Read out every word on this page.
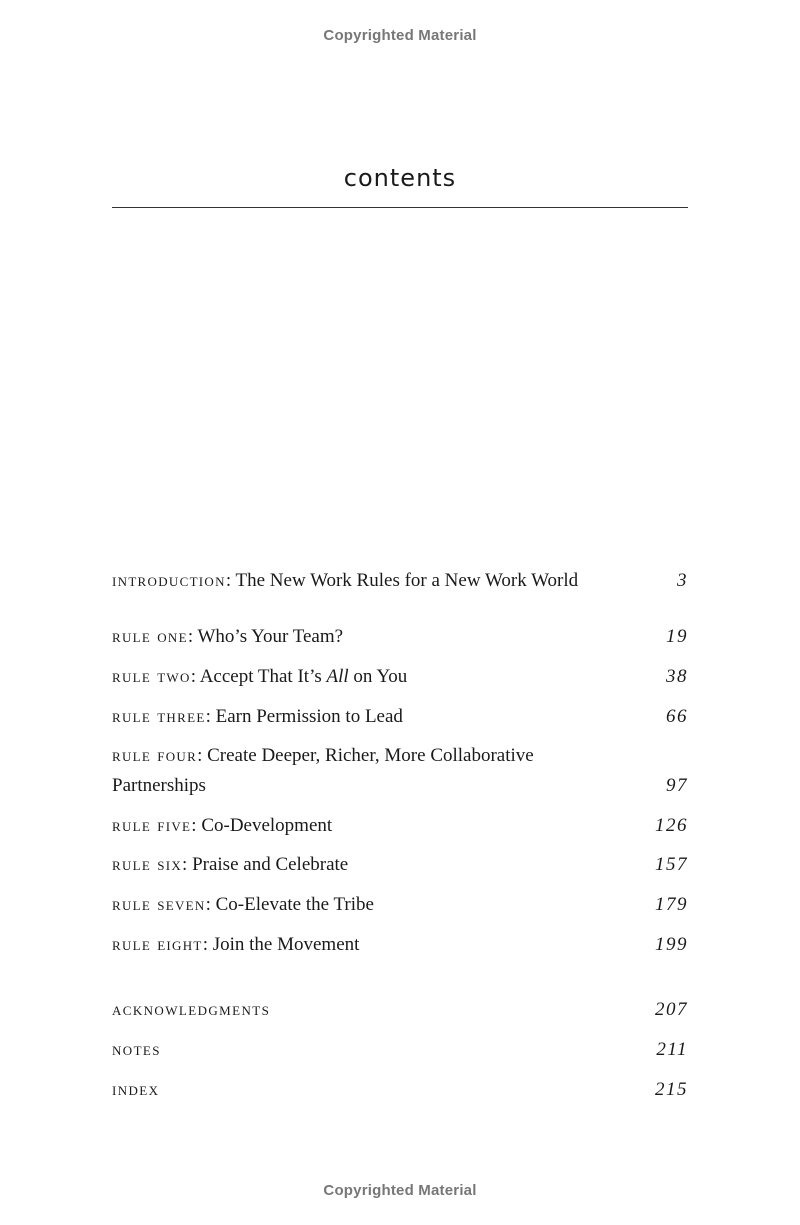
Copyrighted Material
contents
introduction: The New Work Rules for a New Work World	3
rule one: Who’s Your Team?	19
rule two: Accept That It’s All on You	38
rule three: Earn Permission to Lead	66
rule four: Create Deeper, Richer, More Collaborative
Partnerships	97
rule five: Co-Development	126
rule six: Praise and Celebrate	157
rule seven: Co-Elevate the Tribe	179
rule eight: Join the Movement	199
acknowledgments	207
notes	211
index	215
Copyrighted Material
